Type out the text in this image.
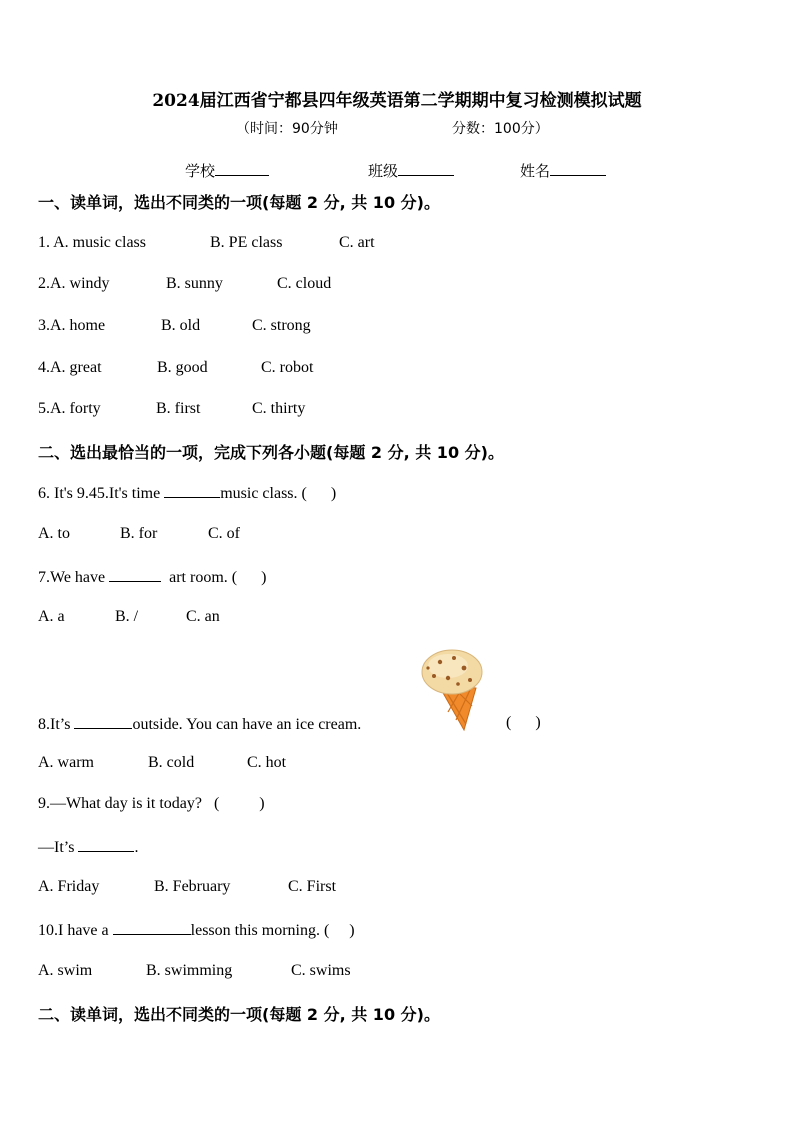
2024届江西省宁都县四年级英语第二学期期中复习检测模拟试题
（时间：90分钟	分数：100分）
学校	班级	姓名
一、读单词，选出不同类的一项(每题 2 分, 共 10 分)。
1. A. music class	B. PE class	C. art
2.A. windy	B. sunny	C. cloud
3.A. home	B. old	C. strong
4.A. great	B. good	C. robot
5.A. forty	B. first	C. thirty
二、选出最恰当的一项，完成下列各小题(每题 2 分, 共 10 分)。
6. It's 9.45.It's time	music class. (      )
A. to	B. for	C. of
7.We have	art room. (      )
A. a	B. /	C. an
8.It’s	outside. You can have an ice cream.	(      )
A. warm	B. cold	C. hot
9.—What day is it today?   (          )
—It’s	.
A. Friday	B. February	C. First
10.I have a	lesson this morning. (     )
A. swim	B. swimming	C. swims
二、读单词，选出不同类的一项(每题 2 分, 共 10 分)。
